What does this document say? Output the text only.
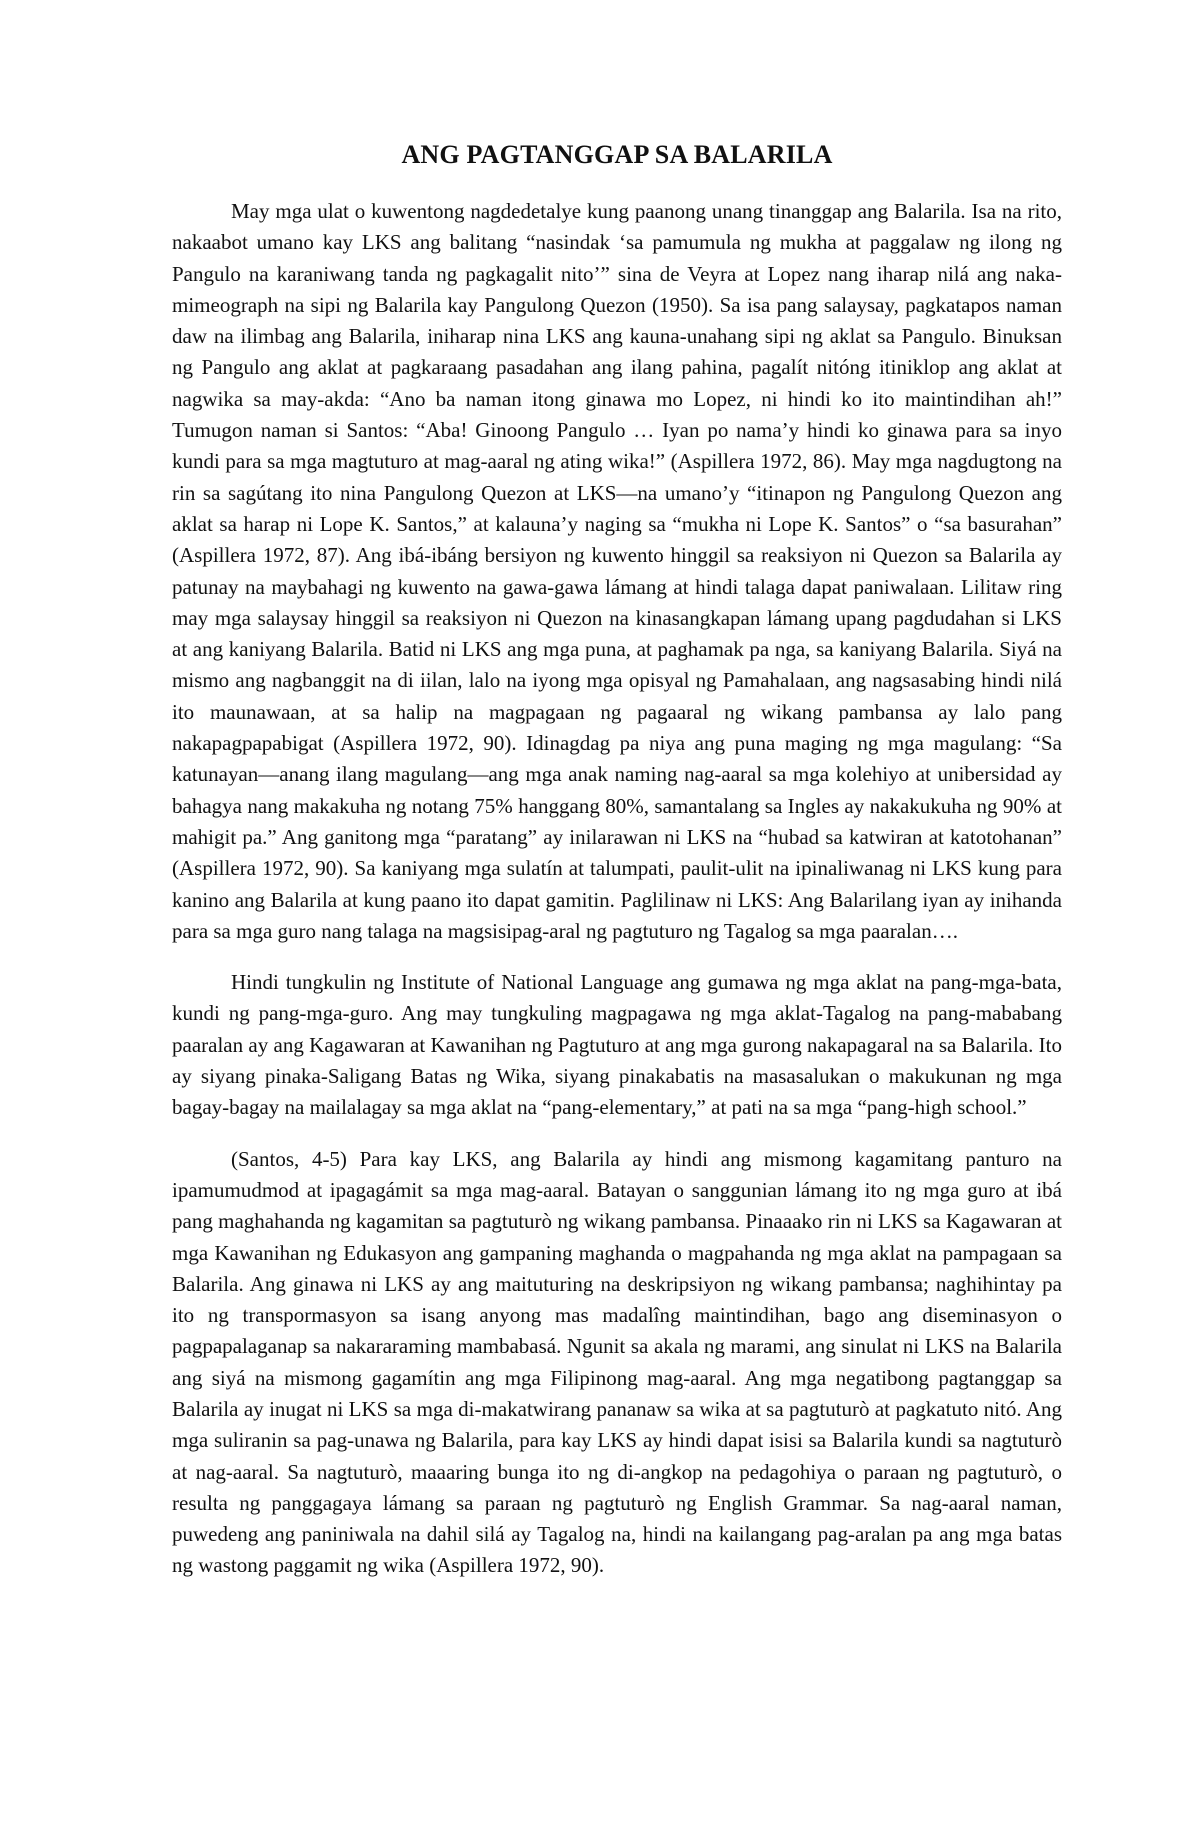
ANG PAGTANGGAP SA BALARILA

May mga ulat o kuwentong nagdedetalye kung paanong unang tinanggap ang Balarila. Isa na rito, nakaabot umano kay LKS ang balitang “nasindak ‘sa pamumula ng mukha at paggalaw ng ilong ng Pangulo na karaniwang tanda ng pagkagalit nito’” sina de Veyra at Lopez nang iharap nilá ang naka-mimeograph na sipi ng Balarila kay Pangulong Quezon (1950). Sa isa pang salaysay, pagkatapos naman daw na ilimbag ang Balarila, iniharap nina LKS ang kauna-unahang sipi ng aklat sa Pangulo. Binuksan ng Pangulo ang aklat at pagkaraang pasadahan ang ilang pahina, pagalít nitóng itiniklop ang aklat at nagwika sa may-akda: “Ano ba naman itong ginawa mo Lopez, ni hindi ko ito maintindihan ah!” Tumugon naman si Santos: “Aba! Ginoong Pangulo … Iyan po nama’y hindi ko ginawa para sa inyo kundi para sa mga magtuturo at mag-aaral ng ating wika!” (Aspillera 1972, 86). May mga nagdugtong na rin sa sagútang ito nina Pangulong Quezon at LKS—na umano’y “itinapon ng Pangulong Quezon ang aklat sa harap ni Lope K. Santos,” at kalauna’y naging sa “mukha ni Lope K. Santos” o “sa basurahan” (Aspillera 1972, 87). Ang ibá-ibáng bersiyon ng kuwento hinggil sa reaksiyon ni Quezon sa Balarila ay patunay na maybahagi ng kuwento na gawa-gawa lámang at hindi talaga dapat paniwalaan. Lilitaw ring may mga salaysay hinggil sa reaksiyon ni Quezon na kinasangkapan lámang upang pagdudahan si LKS at ang kaniyang Balarila. Batid ni LKS ang mga puna, at paghamak pa nga, sa kaniyang Balarila. Siyá na mismo ang nagbanggit na di iilan, lalo na iyong mga opisyal ng Pamahalaan, ang nagsasabing hindi nilá ito maunawaan, at sa halip na magpagaan ng pagaaral ng wikang pambansa ay lalo pang nakapagpapabigat (Aspillera 1972, 90). Idinagdag pa niya ang puna maging ng mga magulang: “Sa katunayan—anang ilang magulang—ang mga anak naming nag-aaral sa mga kolehiyo at unibersidad ay bahagya nang makakuha ng notang 75% hanggang 80%, samantalang sa Ingles ay nakakukuha ng 90% at mahigit pa.” Ang ganitong mga “paratang” ay inilarawan ni LKS na “hubad sa katwiran at katotohanan” (Aspillera 1972, 90). Sa kaniyang mga sulatín at talumpati, paulit-ulit na ipinaliwanag ni LKS kung para kanino ang Balarila at kung paano ito dapat gamitin. Paglilinaw ni LKS: Ang Balarilang iyan ay inihanda para sa mga guro nang talaga na magsisipag-aral ng pagtuturo ng Tagalog sa mga paaralan….

Hindi tungkulin ng Institute of National Language ang gumawa ng mga aklat na pang-mga-bata, kundi ng pang-mga-guro. Ang may tungkuling magpagawa ng mga aklat-Tagalog na pang-mababang paaralan ay ang Kagawaran at Kawanihan ng Pagtuturo at ang mga gurong nakapagaral na sa Balarila. Ito ay siyang pinaka-Saligang Batas ng Wika, siyang pinakabatis na masasalukan o makukunan ng mga bagay-bagay na mailalagay sa mga aklat na “pang-elementary,” at pati na sa mga “pang-high school.”

(Santos, 4-5) Para kay LKS, ang Balarila ay hindi ang mismong kagamitang panturo na ipamumudmod at ipagagámit sa mga mag-aaral. Batayan o sanggunian lámang ito ng mga guro at ibá pang maghahanda ng kagamitan sa pagtuturò ng wikang pambansa. Pinaaako rin ni LKS sa Kagawaran at mga Kawanihan ng Edukasyon ang gampaning maghanda o magpahanda ng mga aklat na pampagaan sa Balarila. Ang ginawa ni LKS ay ang maituturing na deskripsiyon ng wikang pambansa; naghihintay pa ito ng transpormasyon sa isang anyong mas madalîng maintindihan, bago ang diseminasyon o pagpapalaganap sa nakararaming mambabasá. Ngunit sa akala ng marami, ang sinulat ni LKS na Balarila ang siyá na mismong gagamítin ang mga Filipinong mag-aaral. Ang mga negatibong pagtanggap sa Balarila ay inugat ni LKS sa mga di-makatwirang pananaw sa wika at sa pagtuturò at pagkatuto nitó. Ang mga suliranin sa pag-unawa ng Balarila, para kay LKS ay hindi dapat isisi sa Balarila kundi sa nagtuturò at nag-aaral. Sa nagtuturò, maaaring bunga ito ng di-angkop na pedagohiya o paraan ng pagtuturò, o resulta ng panggagaya lámang sa paraan ng pagtuturò ng English Grammar. Sa nag-aaral naman, puwedeng ang paniniwala na dahil silá ay Tagalog na, hindi na kailangang pag-aralan pa ang mga batas ng wastong paggamit ng wika (Aspillera 1972, 90).
